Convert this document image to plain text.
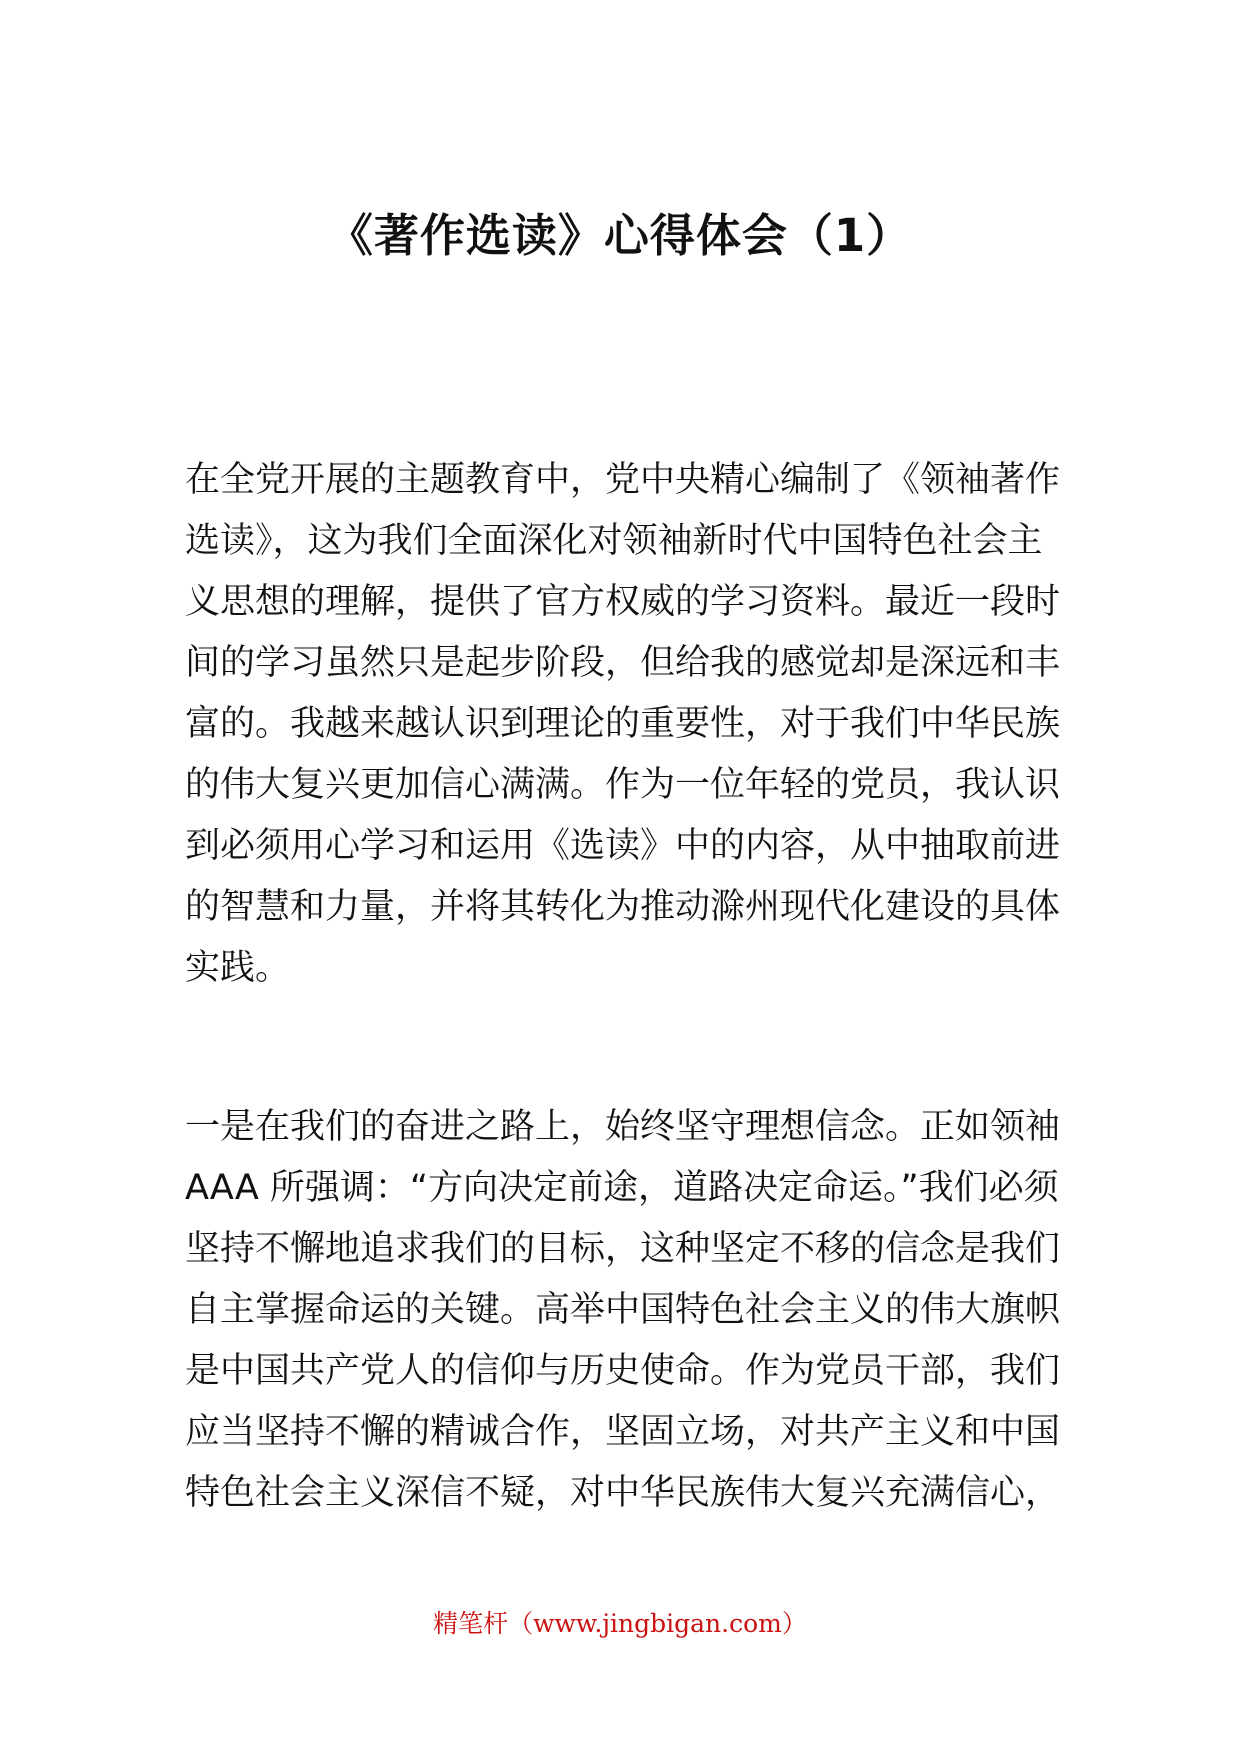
《著作选读》心得体会（1）
在全党开展的主题教育中，党中央精心编制了《领袖著作
选读》，这为我们全面深化对领袖新时代中国特色社会主
义思想的理解，提供了官方权威的学习资料。最近一段时
间的学习虽然只是起步阶段，但给我的感觉却是深远和丰
富的。我越来越认识到理论的重要性，对于我们中华民族
的伟大复兴更加信心满满。作为一位年轻的党员，我认识
到必须用心学习和运用《选读》中的内容，从中抽取前进
的智慧和力量，并将其转化为推动滁州现代化建设的具体
实践。
一是在我们的奋进之路上，始终坚守理想信念。正如领袖
AAA 所强调：“方向决定前途，道路决定命运。”我们必须
坚持不懈地追求我们的目标，这种坚定不移的信念是我们
自主掌握命运的关键。高举中国特色社会主义的伟大旗帜
是中国共产党人的信仰与历史使命。作为党员干部，我们
应当坚持不懈的精诚合作，坚固立场，对共产主义和中国
特色社会主义深信不疑，对中华民族伟大复兴充满信心，
精笔杆（www.jingbigan.com）
